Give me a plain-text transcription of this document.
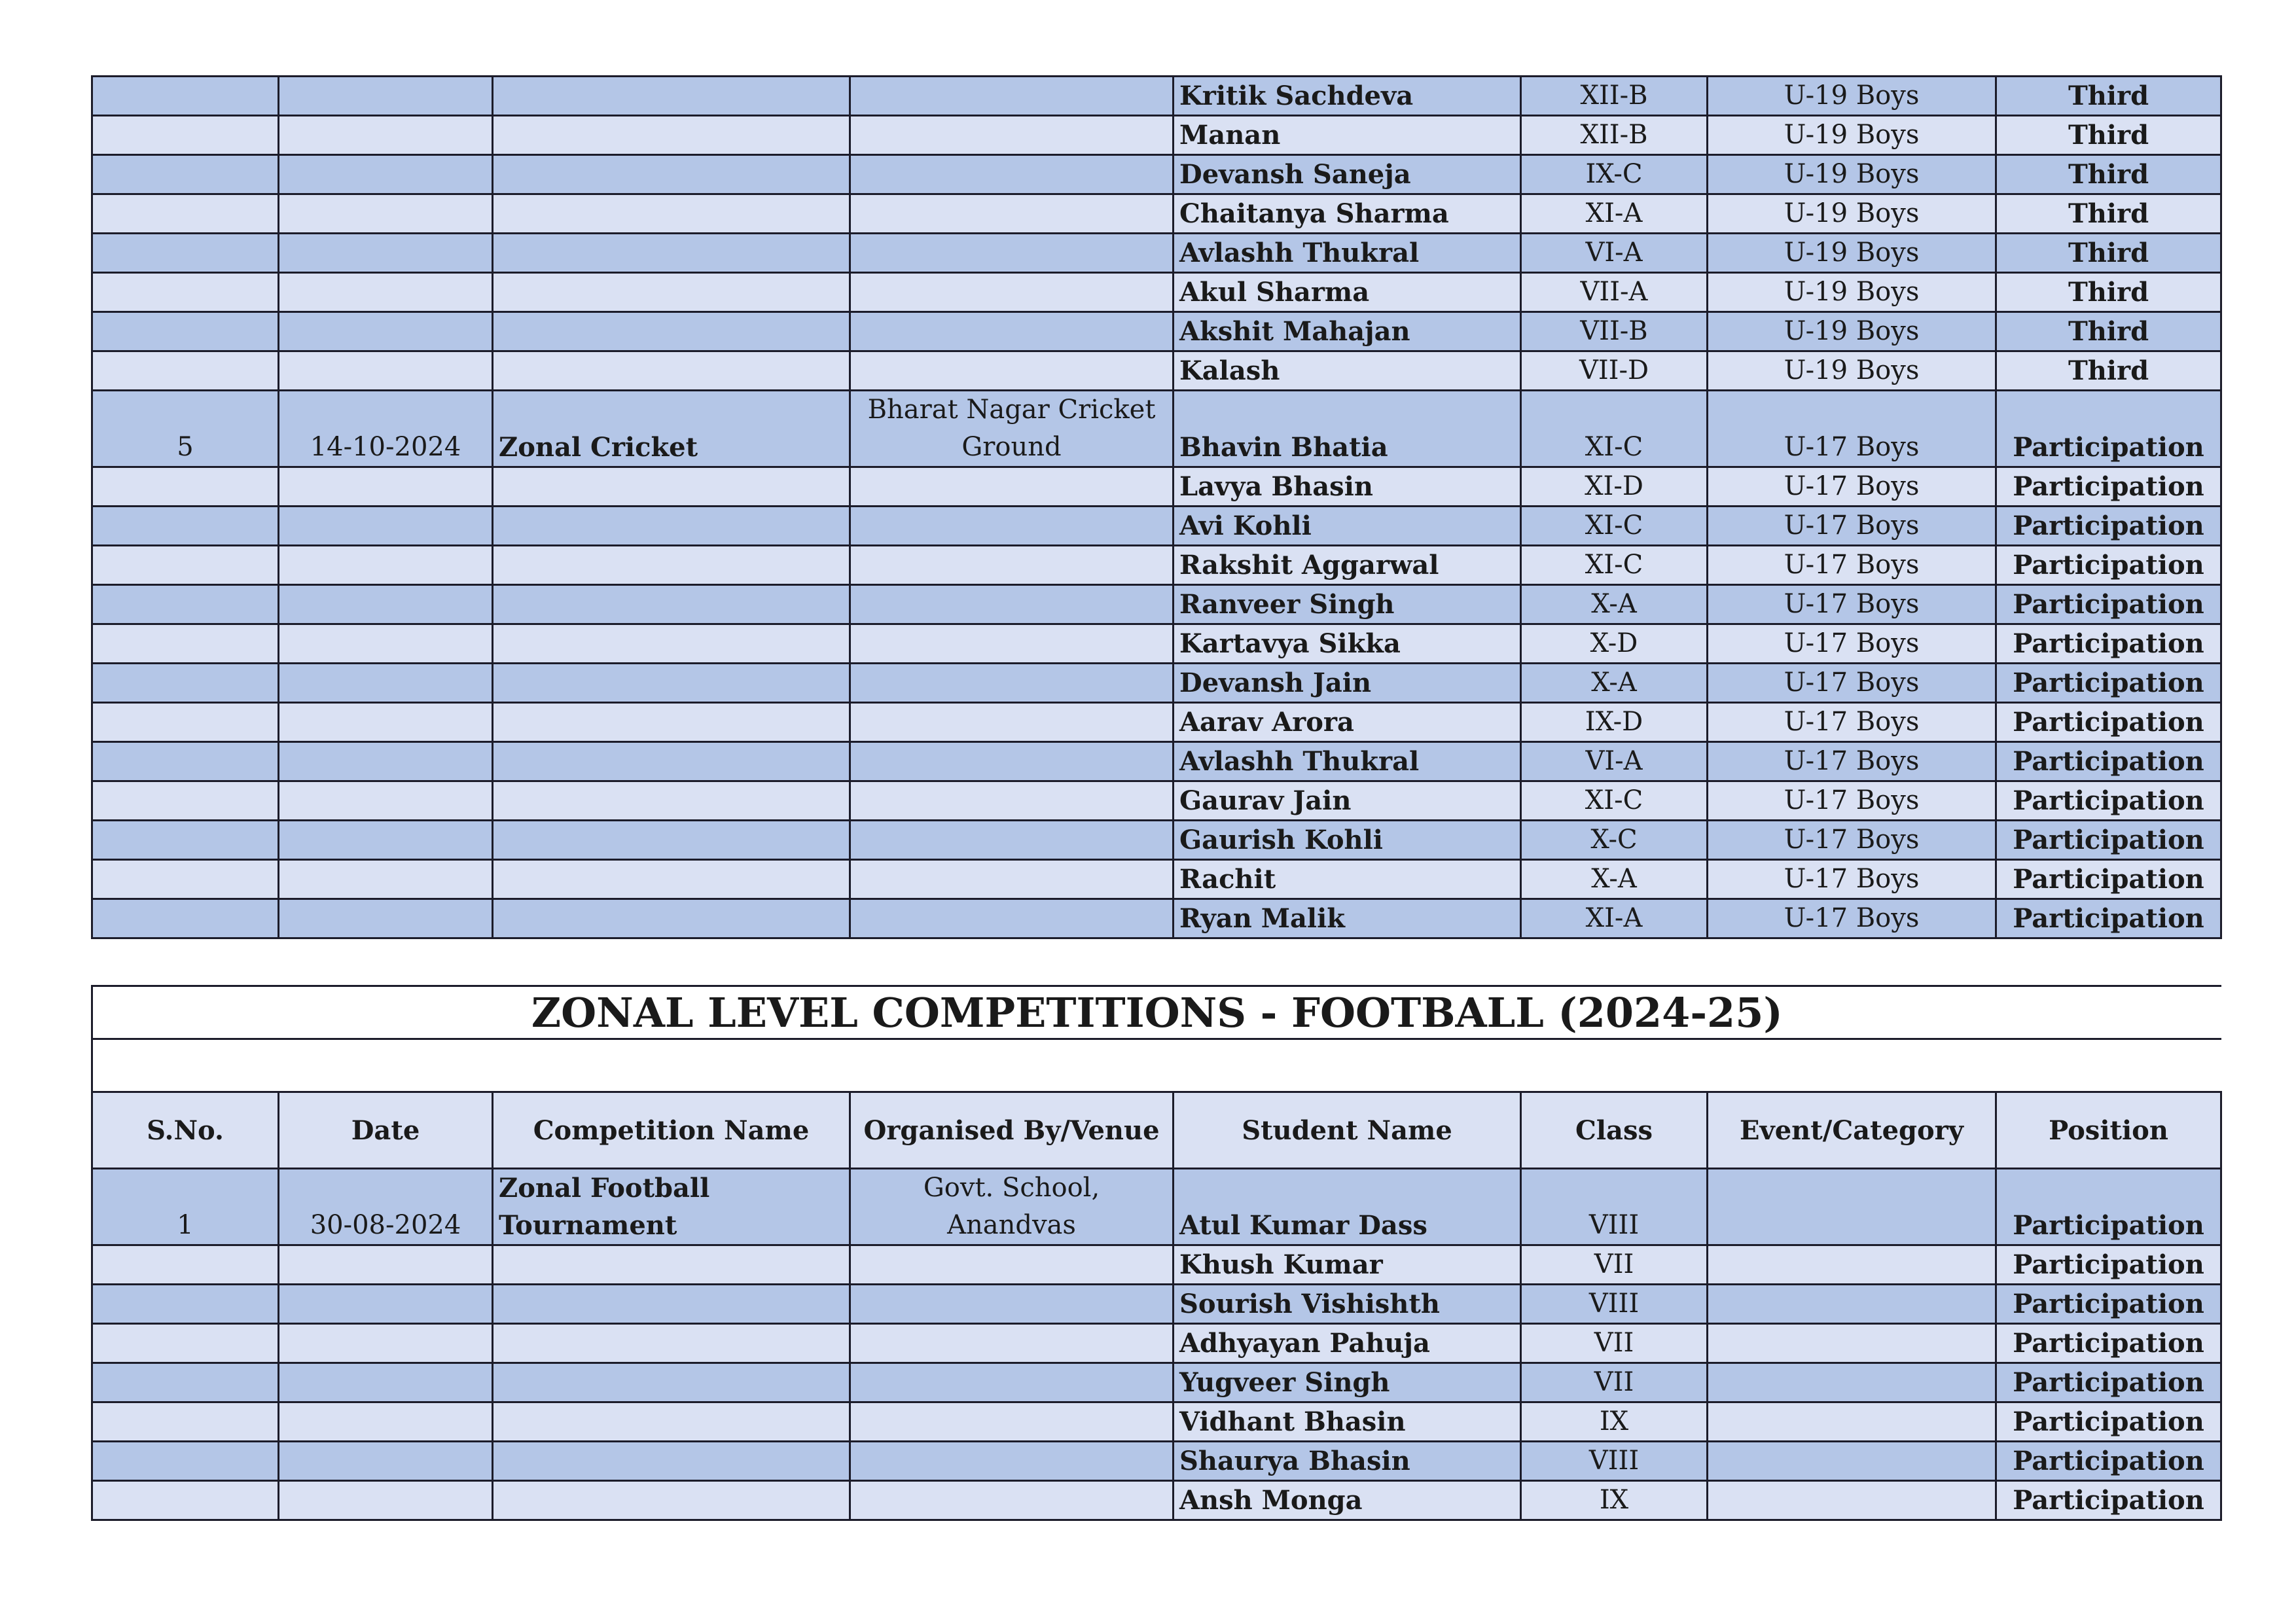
				Kritik Sachdeva	XII-B	U-19 Boys	Third
				Manan	XII-B	U-19 Boys	Third
				Devansh Saneja	IX-C	U-19 Boys	Third
				Chaitanya Sharma	XI-A	U-19 Boys	Third
				Avlashh Thukral	VI-A	U-19 Boys	Third
				Akul Sharma	VII-A	U-19 Boys	Third
				Akshit Mahajan	VII-B	U-19 Boys	Third
				Kalash	VII-D	U-19 Boys	Third
5	14-10-2024	Zonal Cricket	Bharat Nagar Cricket Ground	Bhavin Bhatia	XI-C	U-17 Boys	Participation
				Lavya Bhasin	XI-D	U-17 Boys	Participation
				Avi Kohli	XI-C	U-17 Boys	Participation
				Rakshit Aggarwal	XI-C	U-17 Boys	Participation
				Ranveer Singh	X-A	U-17 Boys	Participation
				Kartavya Sikka	X-D	U-17 Boys	Participation
				Devansh Jain	X-A	U-17 Boys	Participation
				Aarav Arora	IX-D	U-17 Boys	Participation
				Avlashh Thukral	VI-A	U-17 Boys	Participation
				Gaurav Jain	XI-C	U-17 Boys	Participation
				Gaurish Kohli	X-C	U-17 Boys	Participation
				Rachit	X-A	U-17 Boys	Participation
				Ryan Malik	XI-A	U-17 Boys	Participation
ZONAL LEVEL COMPETITIONS - FOOTBALL (2024-25)							

S.No.	Date	Competition Name	Organised By/Venue	Student Name	Class	Event/Category	Position
1	30-08-2024	Zonal Football Tournament	Govt. School, Anandvas	Atul Kumar Dass	VIII		Participation
				Khush Kumar	VII		Participation
				Sourish Vishishth	VIII		Participation
				Adhyayan Pahuja	VII		Participation
				Yugveer Singh	VII		Participation
				Vidhant Bhasin	IX		Participation
				Shaurya Bhasin	VIII		Participation
				Ansh Monga	IX		Participation
